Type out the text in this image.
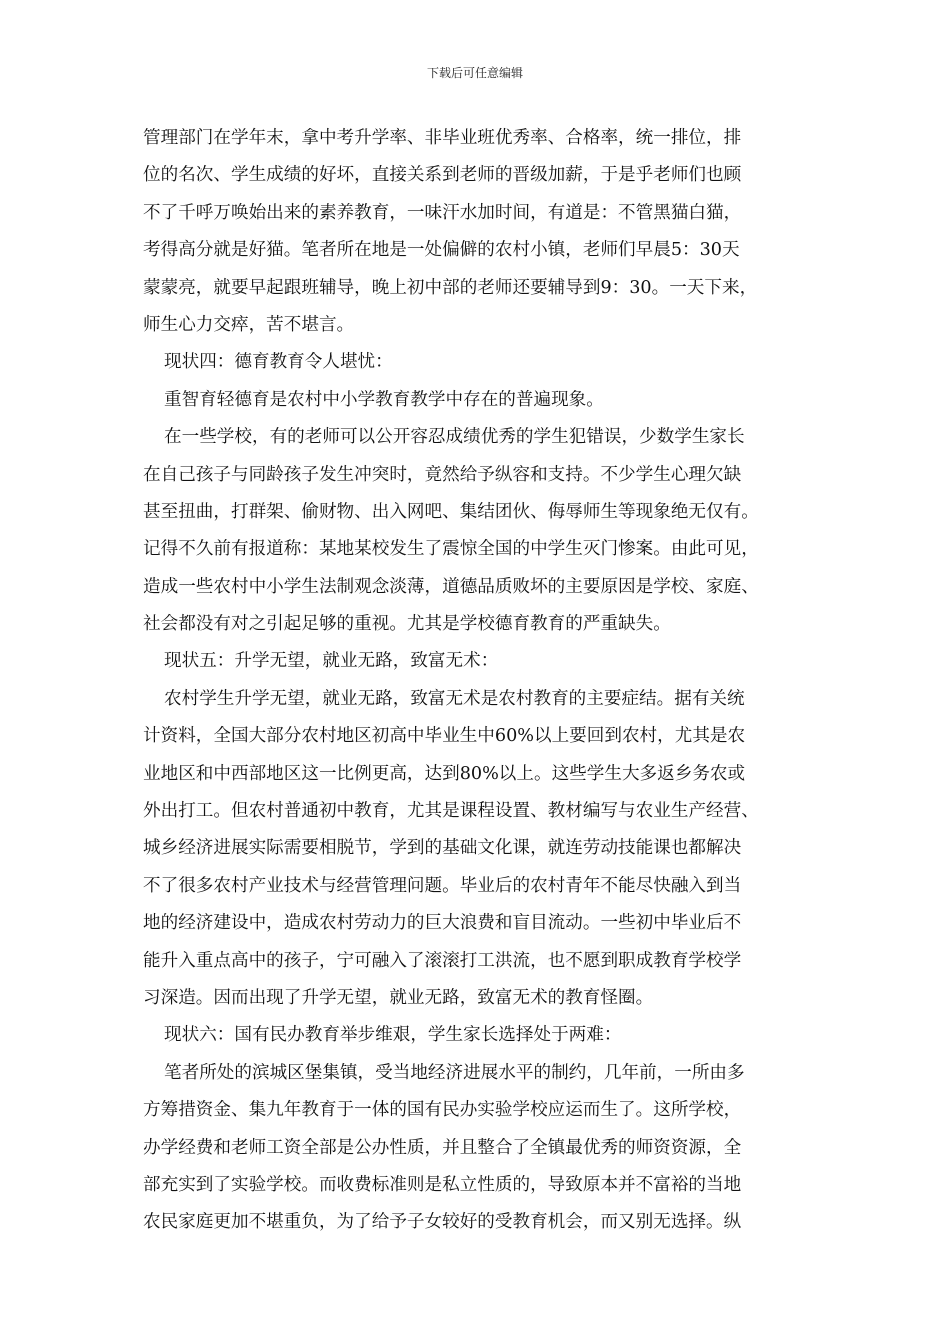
下载后可任意编辑
管理部门在学年末，拿中考升学率、非毕业班优秀率、合格率，统一排位，排
位的名次、学生成绩的好坏，直接关系到老师的晋级加薪，于是乎老师们也顾
不了千呼万唤始出来的素养教育，一味汗水加时间，有道是：不管黑猫白猫，
考得高分就是好猫。笔者所在地是一处偏僻的农村小镇，老师们早晨5：30天
蒙蒙亮，就要早起跟班辅导，晚上初中部的老师还要辅导到9：30。一天下来，
师生心力交瘁，苦不堪言。
现状四：德育教育令人堪忧：
重智育轻德育是农村中小学教育教学中存在的普遍现象。
在一些学校，有的老师可以公开容忍成绩优秀的学生犯错误，少数学生家长
在自己孩子与同龄孩子发生冲突时，竟然给予纵容和支持。不少学生心理欠缺
甚至扭曲，打群架、偷财物、出入网吧、集结团伙、侮辱师生等现象绝无仅有。
记得不久前有报道称：某地某校发生了震惊全国的中学生灭门惨案。由此可见，
造成一些农村中小学生法制观念淡薄，道德品质败坏的主要原因是学校、家庭、
社会都没有对之引起足够的重视。尤其是学校德育教育的严重缺失。
现状五：升学无望，就业无路，致富无术：
农村学生升学无望，就业无路，致富无术是农村教育的主要症结。据有关统
计资料，全国大部分农村地区初高中毕业生中60%以上要回到农村，尤其是农
业地区和中西部地区这一比例更高，达到80%以上。这些学生大多返乡务农或
外出打工。但农村普通初中教育，尤其是课程设置、教材编写与农业生产经营、
城乡经济进展实际需要相脱节，学到的基础文化课，就连劳动技能课也都解决
不了很多农村产业技术与经营管理问题。毕业后的农村青年不能尽快融入到当
地的经济建设中，造成农村劳动力的巨大浪费和盲目流动。一些初中毕业后不
能升入重点高中的孩子，宁可融入了滚滚打工洪流，也不愿到职成教育学校学
习深造。因而出现了升学无望，就业无路，致富无术的教育怪圈。
现状六：国有民办教育举步维艰，学生家长选择处于两难：
笔者所处的滨城区堡集镇，受当地经济进展水平的制约，几年前，一所由多
方筹措资金、集九年教育于一体的国有民办实验学校应运而生了。这所学校，
办学经费和老师工资全部是公办性质，并且整合了全镇最优秀的师资资源，全
部充实到了实验学校。而收费标准则是私立性质的，导致原本并不富裕的当地
农民家庭更加不堪重负，为了给予子女较好的受教育机会，而又别无选择。纵
